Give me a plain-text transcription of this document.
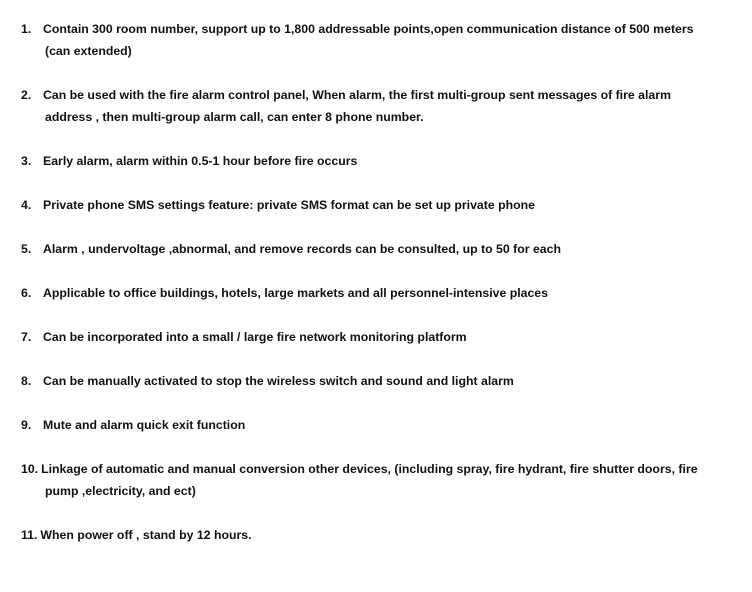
1. Contain 300 room number, support up to 1,800 addressable points,open communication distance of 500 meters
(can extended)
2. Can be used with the fire alarm control panel, When alarm, the first multi-group sent messages of fire alarm
address , then multi-group alarm call, can enter 8 phone number.
3. Early alarm, alarm within 0.5-1 hour before fire occurs
4. Private phone SMS settings feature: private SMS format can be set up private phone
5. Alarm , undervoltage ,abnormal, and remove records can be consulted, up to 50 for each
6. Applicable to office buildings, hotels, large markets and all personnel-intensive places
7. Can be incorporated into a small / large fire network monitoring platform
8. Can be manually activated to stop the wireless switch and sound and light alarm
9. Mute and alarm quick exit function
10. Linkage of automatic and manual conversion other devices, (including spray, fire hydrant, fire shutter doors, fire
pump ,electricity, and ect)
11. When power off , stand by 12 hours.
